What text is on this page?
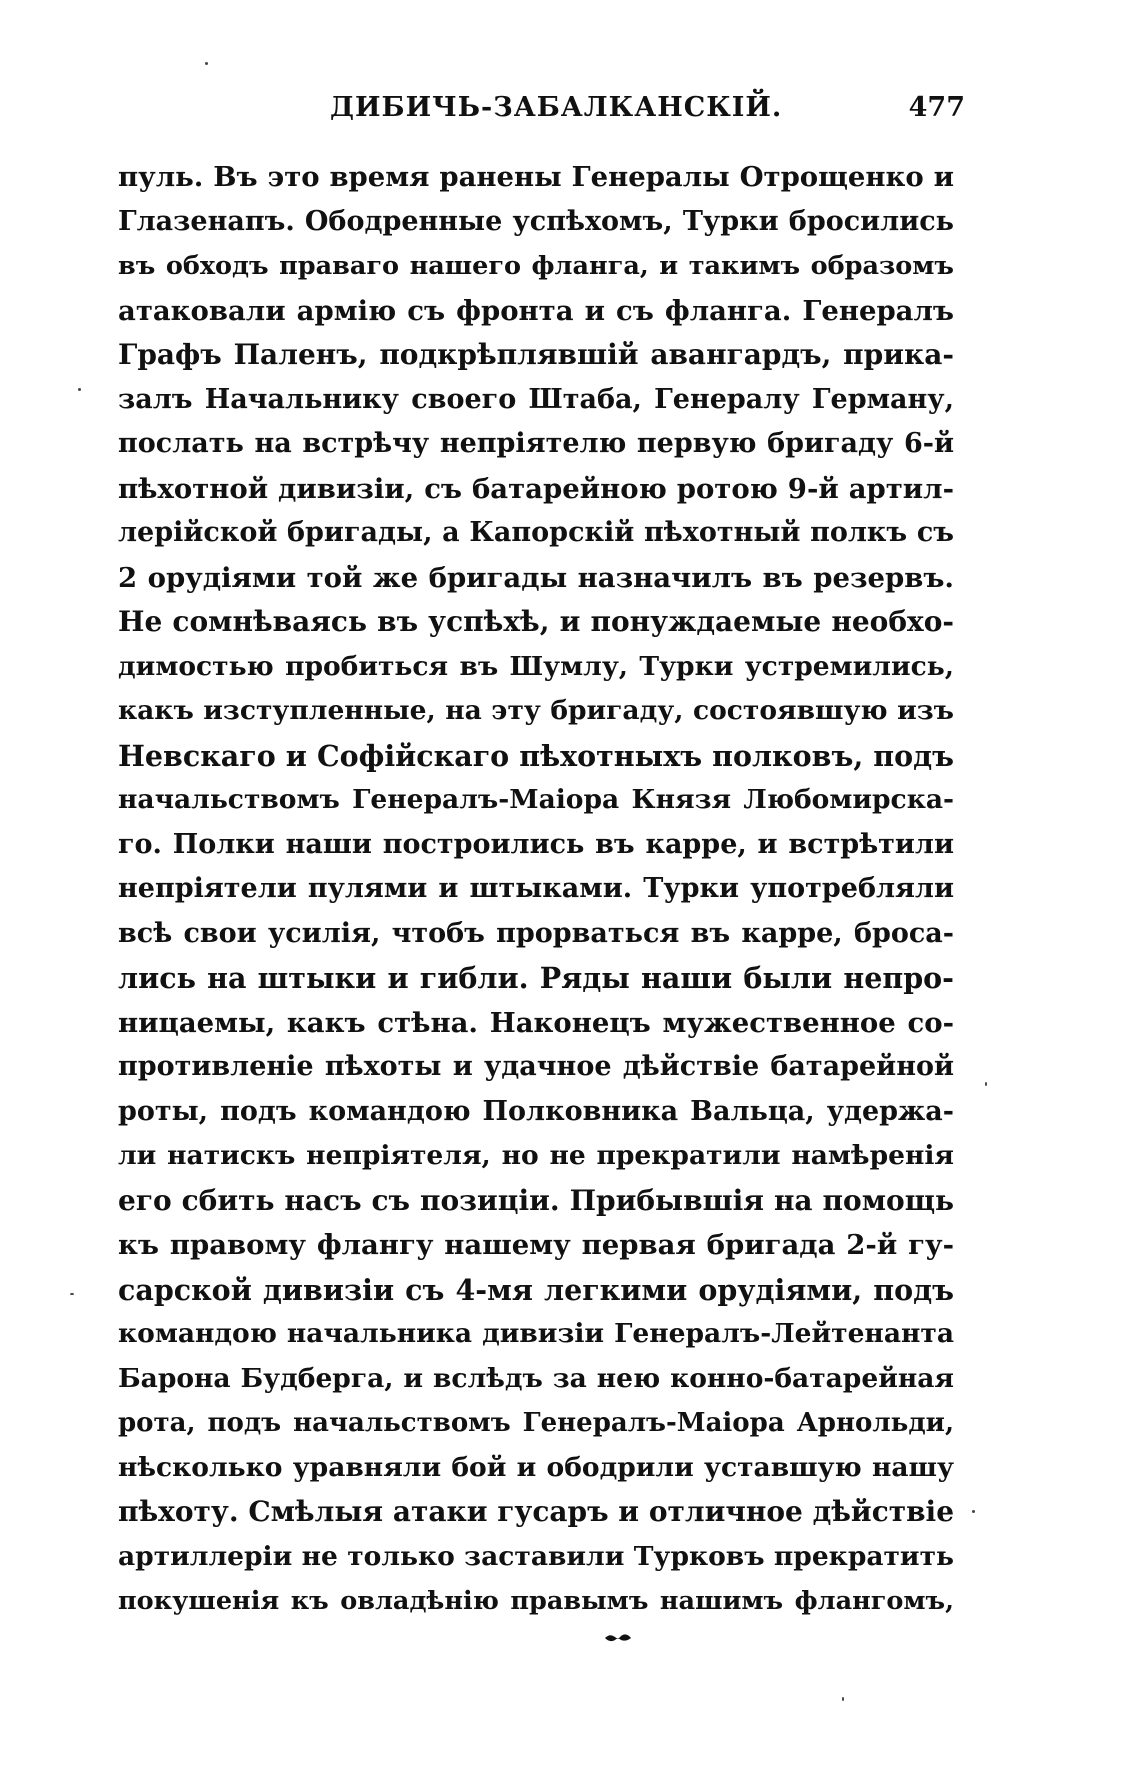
ДИБИЧЬ-ЗАБАЛКАНСКІЙ.	477
пуль. Въ это время ранены Генералы Отрощенко и
Глазенапъ. Ободренные успѣхомъ, Турки бросились
въ обходъ праваго нашего фланга, и такимъ образомъ
атаковали армію съ фронта и съ фланга. Генералъ
Графъ Паленъ, подкрѣплявшій авангардъ, прика-
залъ Начальнику своего Штаба, Генералу Герману,
послать на встрѣчу непріятелю первую бригаду 6-й
пѣхотной дивизіи, съ батарейною ротою 9-й артил-
лерійской бригады, а Капорскій пѣхотный полкъ съ
2 орудіями той же бригады назначилъ въ резервъ.
Не сомнѣваясь въ успѣхѣ, и понуждаемые необхо-
димостью пробиться въ Шумлу, Турки устремились,
какъ изступленные, на эту бригаду, состоявшую изъ
Невскаго и Софійскаго пѣхотныхъ полковъ, подъ
начальствомъ Генералъ-Маіора Князя Любомирска-
го. Полки наши построились въ карре, и встрѣтили
непріятели пулями и штыками. Турки употребляли
всѣ свои усилія, чтобъ прорваться въ карре, броса-
лись на штыки и гибли. Ряды наши были непро-
ницаемы, какъ стѣна. Наконецъ мужественное со-
противленіе пѣхоты и удачное дѣйствіе батарейной
роты, подъ командою Полковника Вальца, удержа-
ли натискъ непріятеля, но не прекратили намѣренія
его сбить насъ съ позиціи. Прибывшія на помощь
къ правому флангу нашему первая бригада 2-й гу-
сарской дивизіи съ 4-мя легкими орудіями, подъ
командою начальника дивизіи Генералъ-Лейтенанта
Барона Будберга, и вслѣдъ за нею конно-батарейная
рота, подъ начальствомъ Генералъ-Маіора Арнольди,
нѣсколько уравняли бой и ободрили уставшую нашу
пѣхоту. Смѣлыя атаки гусаръ и отличное дѣйствіе
артиллеріи не только заставили Турковъ прекратить
покушенія къ овладѣнію правымъ нашимъ флангомъ,
